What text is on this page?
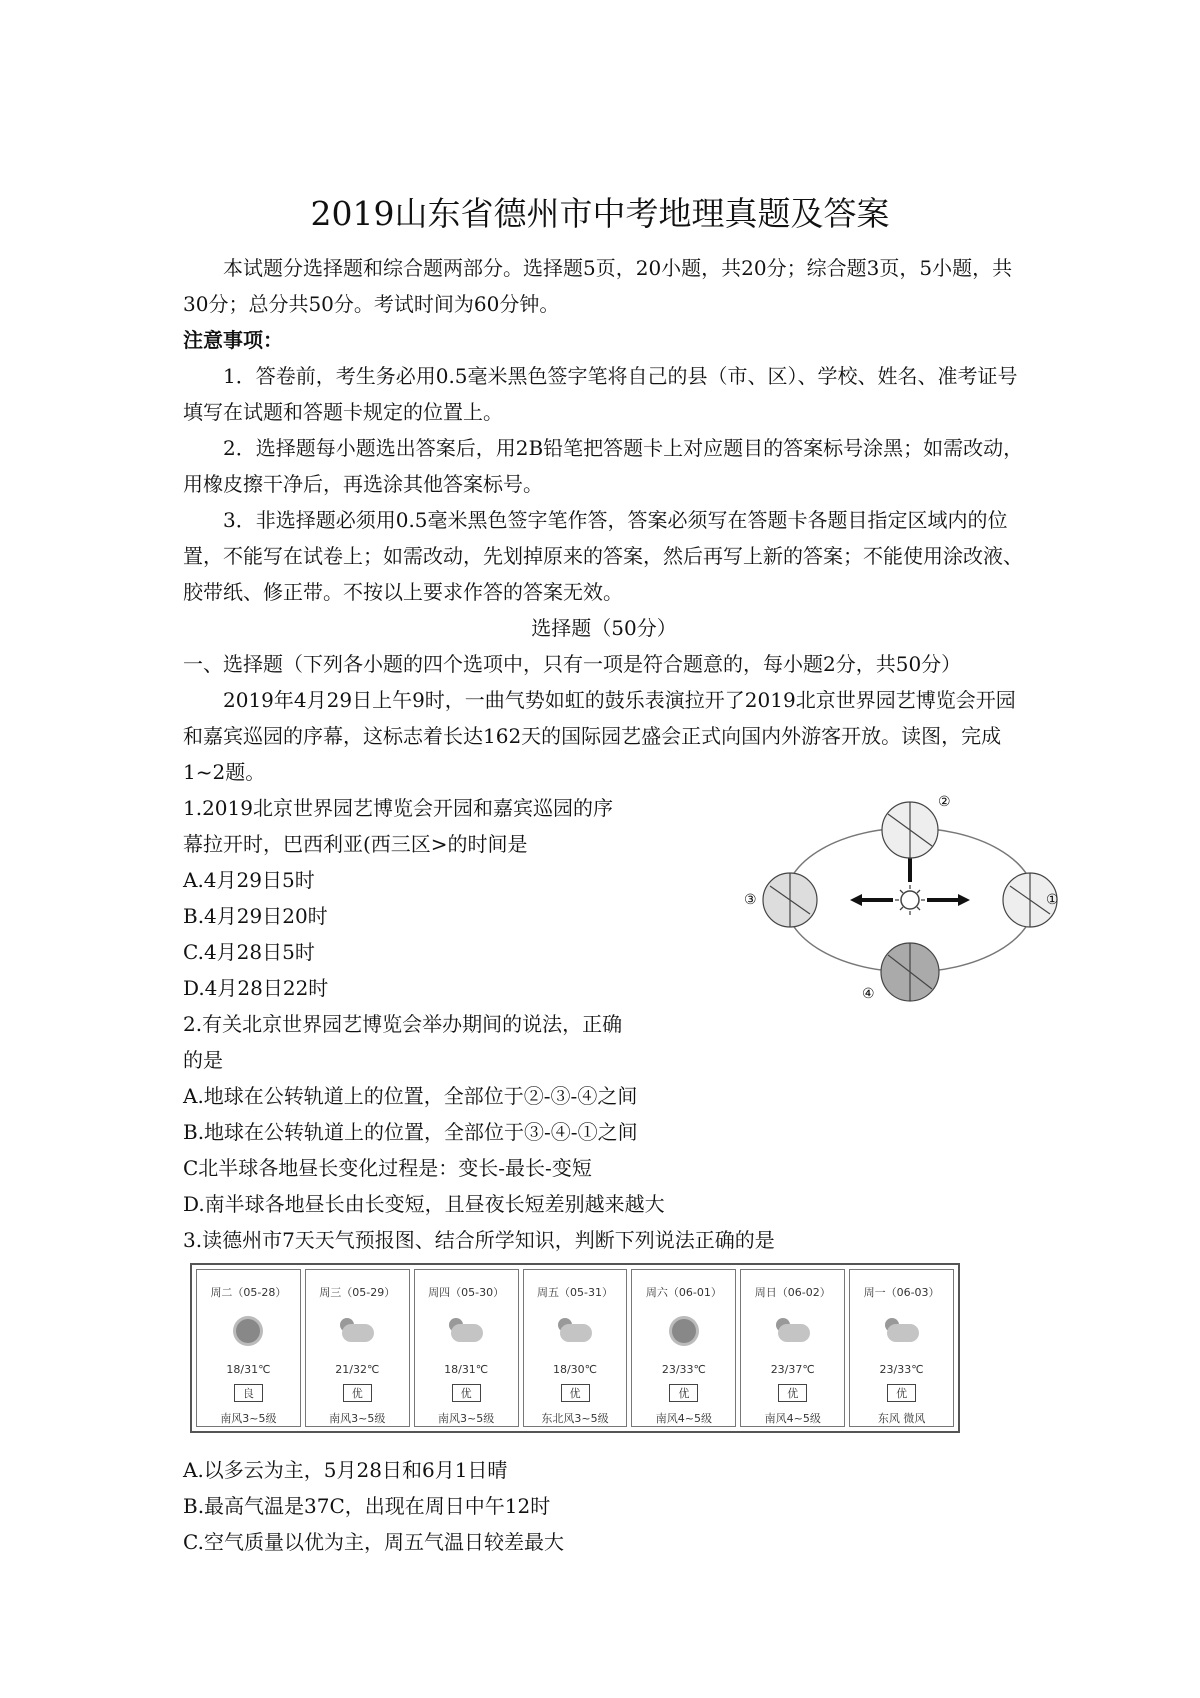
2019山东省德州市中考地理真题及答案

本试题分选择题和综合题两部分。选择题5页，20小题，共20分；综合题3页，5小题，共30分；总分共50分。考试时间为60分钟。

注意事项：

1．答卷前，考生务必用0.5毫米黑色签字笔将自己的县（市、区）、学校、姓名、准考证号填写在试题和答题卡规定的位置上。

2．选择题每小题选出答案后，用2B铅笔把答题卡上对应题目的答案标号涂黑；如需改动，用橡皮擦干净后，再选涂其他答案标号。

3．非选择题必须用0.5毫米黑色签字笔作答，答案必须写在答题卡各题目指定区域内的位置，不能写在试卷上；如需改动，先划掉原来的答案，然后再写上新的答案；不能使用涂改液、胶带纸、修正带。不按以上要求作答的答案无效。

选择题（50分）
一、选择题（下列各小题的四个选项中，只有一项是符合题意的，每小题2分，共50分）

2019年4月29日上午9时，一曲气势如虹的鼓乐表演拉开了2019北京世界园艺博览会开园和嘉宾巡园的序幕，这标志着长达162天的国际园艺盛会正式向国内外游客开放。读图，完成1~2题。

1.2019北京世界园艺博览会开园和嘉宾巡园的序
幕拉开时，巴西利亚(西三区>的时间是
A.4月29日5时
B.4月29日20时
C.4月28日5时
D.4月28日22时
2.有关北京世界园艺博览会举办期间的说法，正确
的是
A.地球在公转轨道上的位置，全部位于②-③-④之间
B.地球在公转轨道上的位置，全部位于③-④-①之间
C北半球各地昼长变化过程是：变长-最长-变短
D.南半球各地昼长由长变短，且昼夜长短差别越来越大
3.读德州市7天天气预报图、结合所学知识，判断下列说法正确的是
②
③	①
④
周二（05-28）
18/31℃
良
南风3~5级
周三（05-29）
21/32℃
优
南风3~5级
周四（05-30）
18/31℃
优
南风3~5级
周五（05-31）
18/30℃
优
东北风3~5级
周六（06-01）
23/33℃
优
南风4~5级
周日（06-02）
23/37℃
优
南风4~5级
周一（06-03）
23/33℃
优
东风 微风
A.以多云为主，5月28日和6月1日晴
B.最高气温是37C，出现在周日中午12时
C.空气质量以优为主，周五气温日较差最大
